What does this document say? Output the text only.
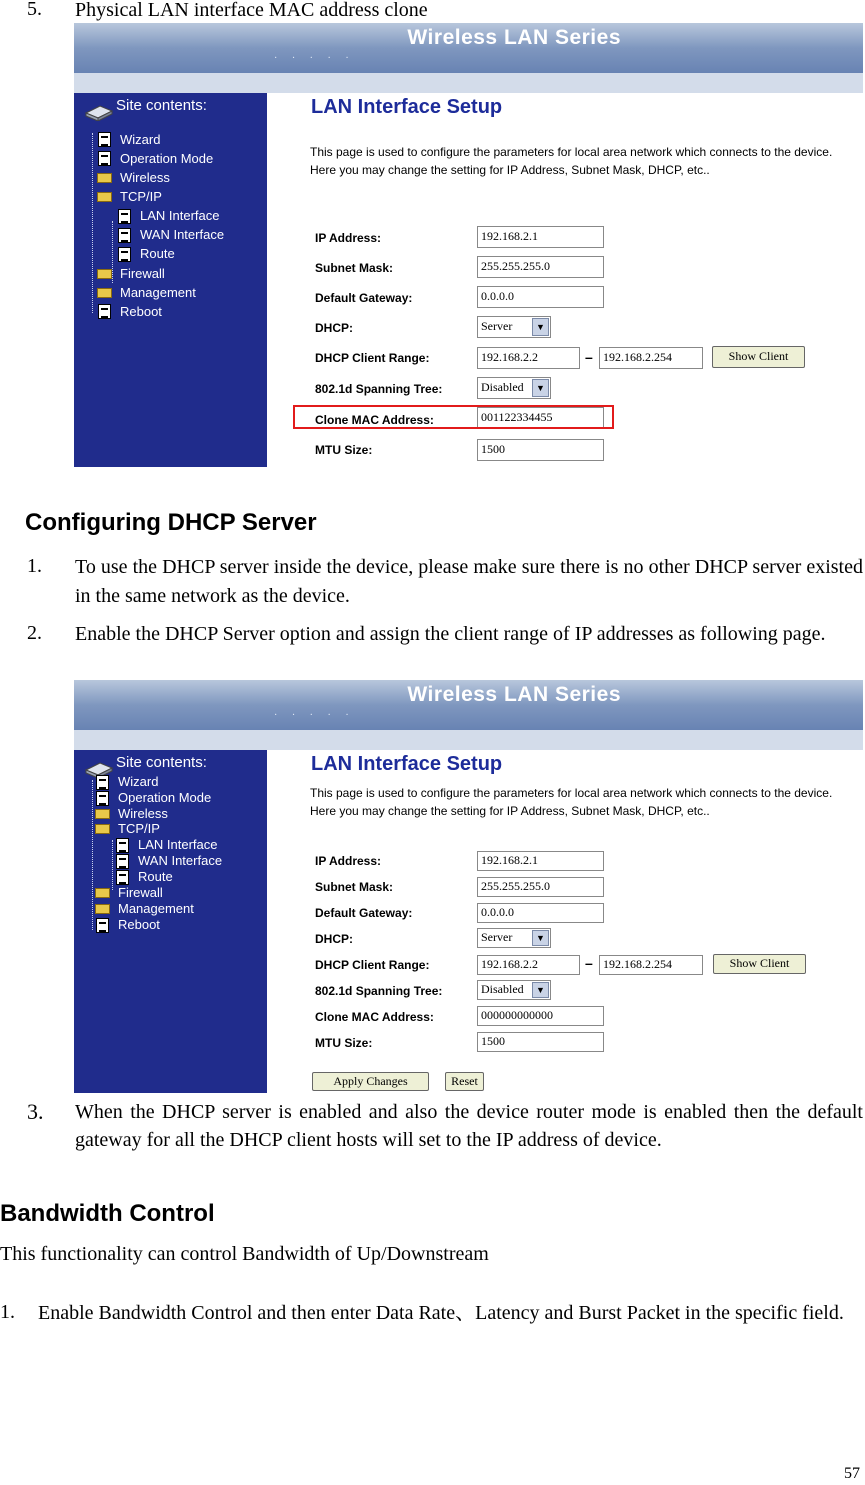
5. Physical LAN interface MAC address clone
· · · · ·
Wireless LAN Series
Site contents:
Wizard
Operation Mode
Wireless
TCP/IP
LAN Interface
WAN Interface
Route
Firewall
Management
Reboot
LAN Interface Setup
This page is used to configure the parameters for local area network which connects to the device. Here you may change the setting for IP Address, Subnet Mask, DHCP, etc..
IP Address:	192.168.2.1
Subnet Mask:	255.255.255.0
Default Gateway:	0.0.0.0
DHCP:	Server	▼
DHCP Client Range:	192.168.2.2	– 192.168.2.254	Show Client
802.1d Spanning Tree:	Disabled	▼
Clone MAC Address:	001122334455
MTU Size:	1500
Configuring DHCP Server
1. To use the DHCP server inside the device, please make sure there is no other DHCP server existed in the same network as the device.
2. Enable the DHCP Server option and assign the client range of IP addresses as following page.
· · · · ·
Wireless LAN Series
Site contents:
Wizard
Operation Mode
Wireless
TCP/IP
LAN Interface
WAN Interface
Route
Firewall
Management
Reboot
LAN Interface Setup
This page is used to configure the parameters for local area network which connects to the device. Here you may change the setting for IP Address, Subnet Mask, DHCP, etc..
IP Address:	192.168.2.1
Subnet Mask:	255.255.255.0
Default Gateway:	0.0.0.0
DHCP:	Server	▼
DHCP Client Range:	192.168.2.2	– 192.168.2.254	Show Client
802.1d Spanning Tree:	Disabled	▼
Clone MAC Address:	000000000000
MTU Size:	1500
Apply Changes	Reset
3. When the DHCP server is enabled and also the device router mode is enabled then the default gateway for all the DHCP client hosts will set to the IP address of device.
Bandwidth Control
This functionality can control Bandwidth of Up/Downstream
1. Enable Bandwidth Control and then enter Data Rate、Latency and Burst Packet in the specific field.
57
